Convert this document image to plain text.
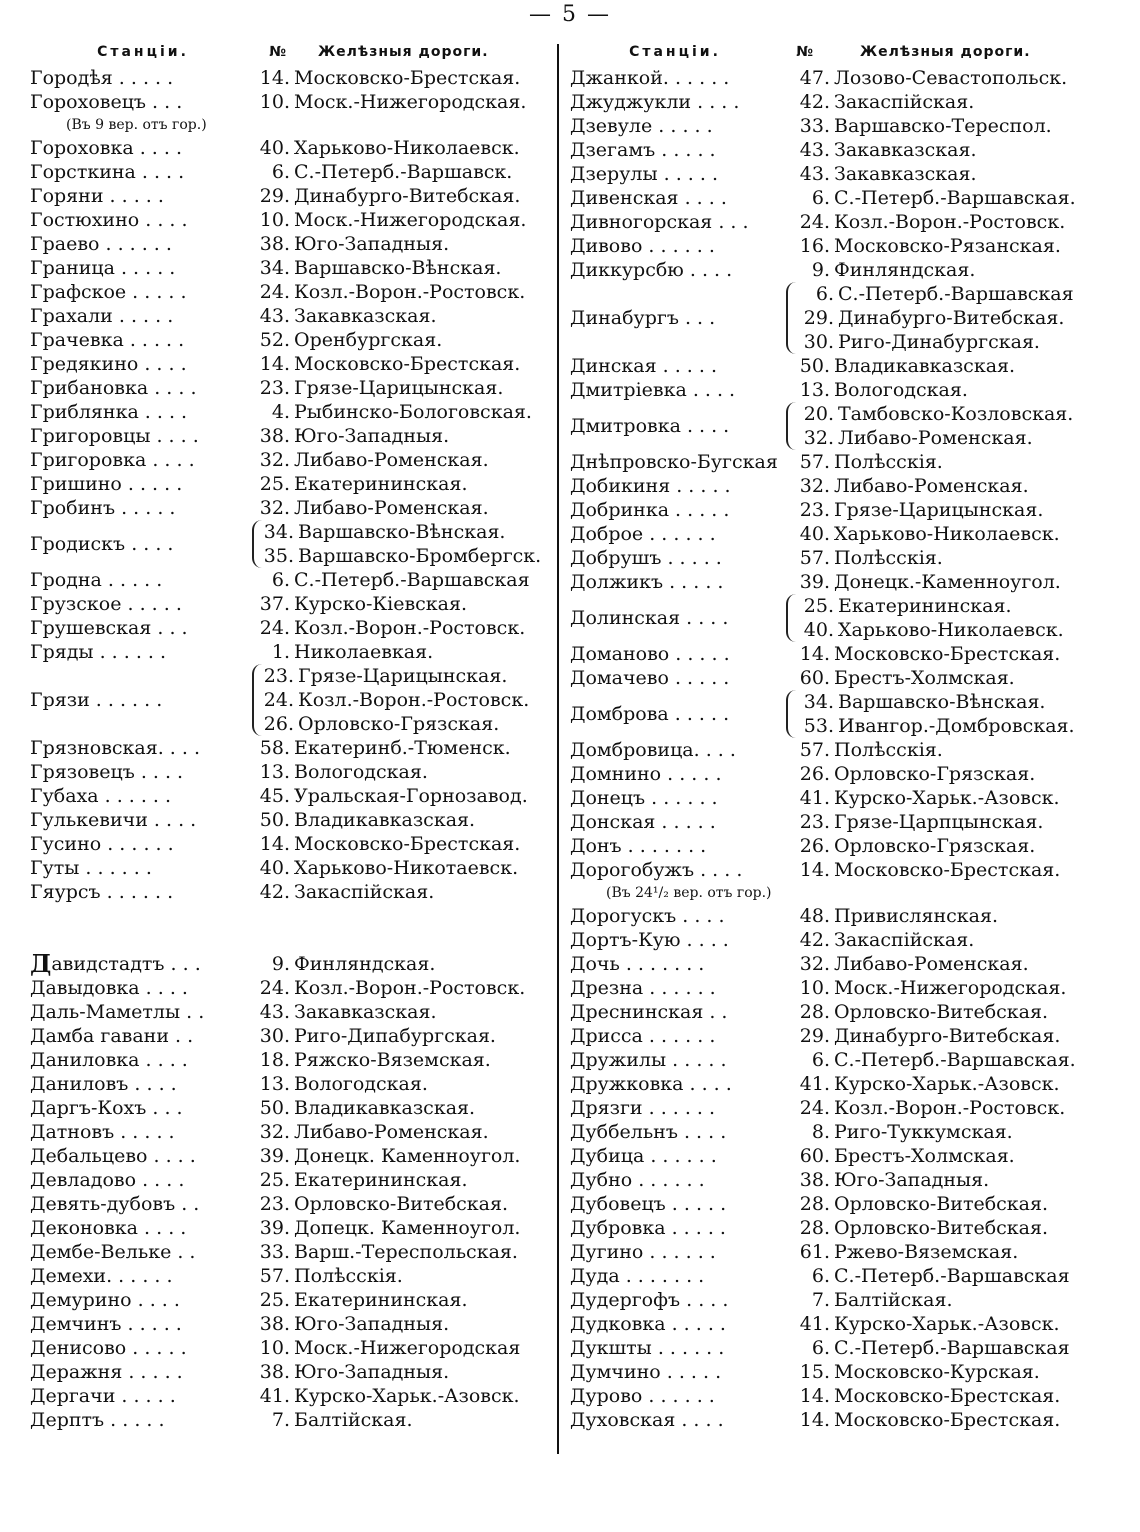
— 5 —
Станціи.	№	Желѣзныя дороги.
Городѣя . . . . .	14. Московско-Брестская.
Гороховецъ . . .	10. Моск.-Нижегородская.
(Въ 9 вер. отъ гор.)
Гороховка . . . .	40. Харьково-Николаевск.
Горсткина . . . .	6. С.-Петерб.-Варшавск.
Горяни . . . . .	29. Динабурго-Витебская.
Гостюхино . . . .	10. Моск.-Нижегородская.
Граево . . . . . .	38. Юго-Западныя.
Граница . . . . .	34. Варшавско-Вѣнская.
Графское . . . . .	24. Козл.-Ворон.-Ростовск.
Грахали . . . . .	43. Закавказская.
Грачевка . . . . .	52. Оренбургская.
Гредякино . . . .	14. Московско-Брестская.
Грибановка . . . .	23. Грязе-Царицынская.
Гриблянка . . . .	4. Рыбинско-Бологовская.
Григоровцы . . . .	38. Юго-Западныя.
Григоровка . . . .	32. Либаво-Роменская.
Гришино . . . . .	25. Екатерининская.
Гробинъ . . . . .	32. Либаво-Роменская.
Гродискъ . . . .
34. Варшавско-Вѣнская.
35. Варшавско-Бромбергск.
Гродна . . . . .	6. С.-Петерб.-Варшавская
Грузское . . . . .	37. Курско-Кіевская.
Грушевская . . .	24. Козл.-Ворон.-Ростовск.
Гряды . . . . . .	1. Николаевкая.
Грязи . . . . . .
23. Грязе-Царицынская.
24. Козл.-Ворон.-Ростовск.
26. Орловско-Грязская.
Грязновская. . . .	58. Екатеринб.-Тюменск.
Грязовецъ . . . .	13. Вологодская.
Губаха . . . . . .	45. Уральская-Горнозавод.
Гулькевичи . . . .	50. Владикавказская.
Гусино . . . . . .	14. Московско-Брестская.
Гуты . . . . . .	40. Харьково-Никотаевск.
Гяурсъ . . . . . .	42. Закаспійская.
Д авидстадтъ . . .	9. Финляндская.
Давыдовка . . . .	24. Козл.-Ворон.-Ростовск.
Даль-Маметлы . .	43. Закавказская.
Дамба гавани . .	30. Риго-Дипабургская.
Даниловка . . . .	18. Ряжско-Вяземская.
Даниловъ . . . .	13. Вологодская.
Даргъ-Кохъ . . .	50. Владикавказская.
Датновъ . . . . .	32. Либаво-Роменская.
Дебальцево . . . .	39. Донецк. Каменноугол.
Девладово . . . .	25. Екатерининская.
Девять-дубовъ . .	23. Орловско-Витебская.
Деконовка . . . .	39. Допецк. Каменноугол.
Дембе-Вельке . .	33. Варш.-Тереспольская.
Демехи. . . . . .	57. Полѣсскія.
Демурино . . . .	25. Екатерининская.
Демчинъ . . . . .	38. Юго-Западныя.
Денисово . . . . .	10. Моск.-Нижегородская
Деражня . . . . .	38. Юго-Западныя.
Дергачи . . . . .	41. Курско-Харьк.-Азовск.
Дерптъ . . . . .	7. Балтійская.
Станціи.	№	Желѣзныя дороги.
Джанкой. . . . . .	47. Лозово-Севастопольск.
Джуджукли . . . .	42. Закаспійская.
Дзевуле . . . . .	33. Варшавско-Тереспол.
Дзегамъ . . . . .	43. Закавказская.
Дзерулы . . . . .	43. Закавказская.
Дивенская . . . .	6. С.-Петерб.-Варшавская.
Дивногорская . . .	24. Козл.-Ворон.-Ростовск.
Дивово . . . . . .	16. Московско-Рязанская.
Диккурсбю . . . .	9. Финляндская.
Динабургъ . . .
6. С.-Петерб.-Варшавская
29. Динабурго-Витебская.
30. Риго-Динабургская.
Динская . . . . .	50. Владикавказская.
Дмитріевка . . . .	13. Вологодская.
Дмитровка . . . .
20. Тамбовско-Козловская.
32. Либаво-Роменская.
Днѣпровско-Бугская	57. Полѣсскія.
Добикиня . . . . .	32. Либаво-Роменская.
Добринка . . . . .	23. Грязе-Царицынская.
Доброе . . . . . .	40. Харьково-Николаевск.
Добрушъ . . . . .	57. Полѣсскія.
Должикъ . . . . .	39. Донецк.-Каменноугол.
Долинская . . . .
25. Екатерининская.
40. Харьково-Николаевск.
Доманово . . . . .	14. Московско-Брестская.
Домачево . . . . .	60. Брестъ-Холмская.
Домброва . . . . .
34. Варшавско-Вѣнская.
53. Ивангор.-Домбровская.
Домбровица. . . .	57. Полѣсскія.
Домнино . . . . .	26. Орловско-Грязская.
Донецъ . . . . . .	41. Курско-Харьк.-Азовск.
Донская . . . . .	23. Грязе-Царпцынская.
Донъ . . . . . . .	26. Орловско-Грязская.
Дорогобужъ . . . .	14. Московско-Брестская.
(Въ 24¹/₂ вер. отъ гор.)
Дорогускъ . . . .	48. Привислянская.
Дортъ-Кую . . . .	42. Закаспійская.
Дочь . . . . . . .	32. Либаво-Роменская.
Дрезна . . . . . .	10. Моск.-Нижегородская.
Дреснинская . .	28. Орловско-Витебская.
Дрисса . . . . . .	29. Динабурго-Витебская.
Дружилы . . . . .	6. С.-Петерб.-Варшавская.
Дружковка . . . .	41. Курско-Харьк.-Азовск.
Дрязги . . . . . .	24. Козл.-Ворон.-Ростовск.
Дуббельнъ . . . .	8. Риго-Туккумская.
Дубица . . . . . .	60. Брестъ-Холмская.
Дубно . . . . . .	38. Юго-Западныя.
Дубовецъ . . . . .	28. Орловско-Витебская.
Дубровка . . . . .	28. Орловско-Витебская.
Дугино . . . . . .	61. Ржево-Вяземская.
Дуда . . . . . . .	6. С.-Петерб.-Варшавская
Дудергофъ . . . .	7. Балтійская.
Дудковка . . . . .	41. Курско-Харьк.-Азовск.
Дукшты . . . . . .	6. С.-Петерб.-Варшавская
Думчино . . . . .	15. Московско-Курская.
Дурово . . . . . .	14. Московско-Брестская.
Духовская . . . .	14. Московско-Брестская.
